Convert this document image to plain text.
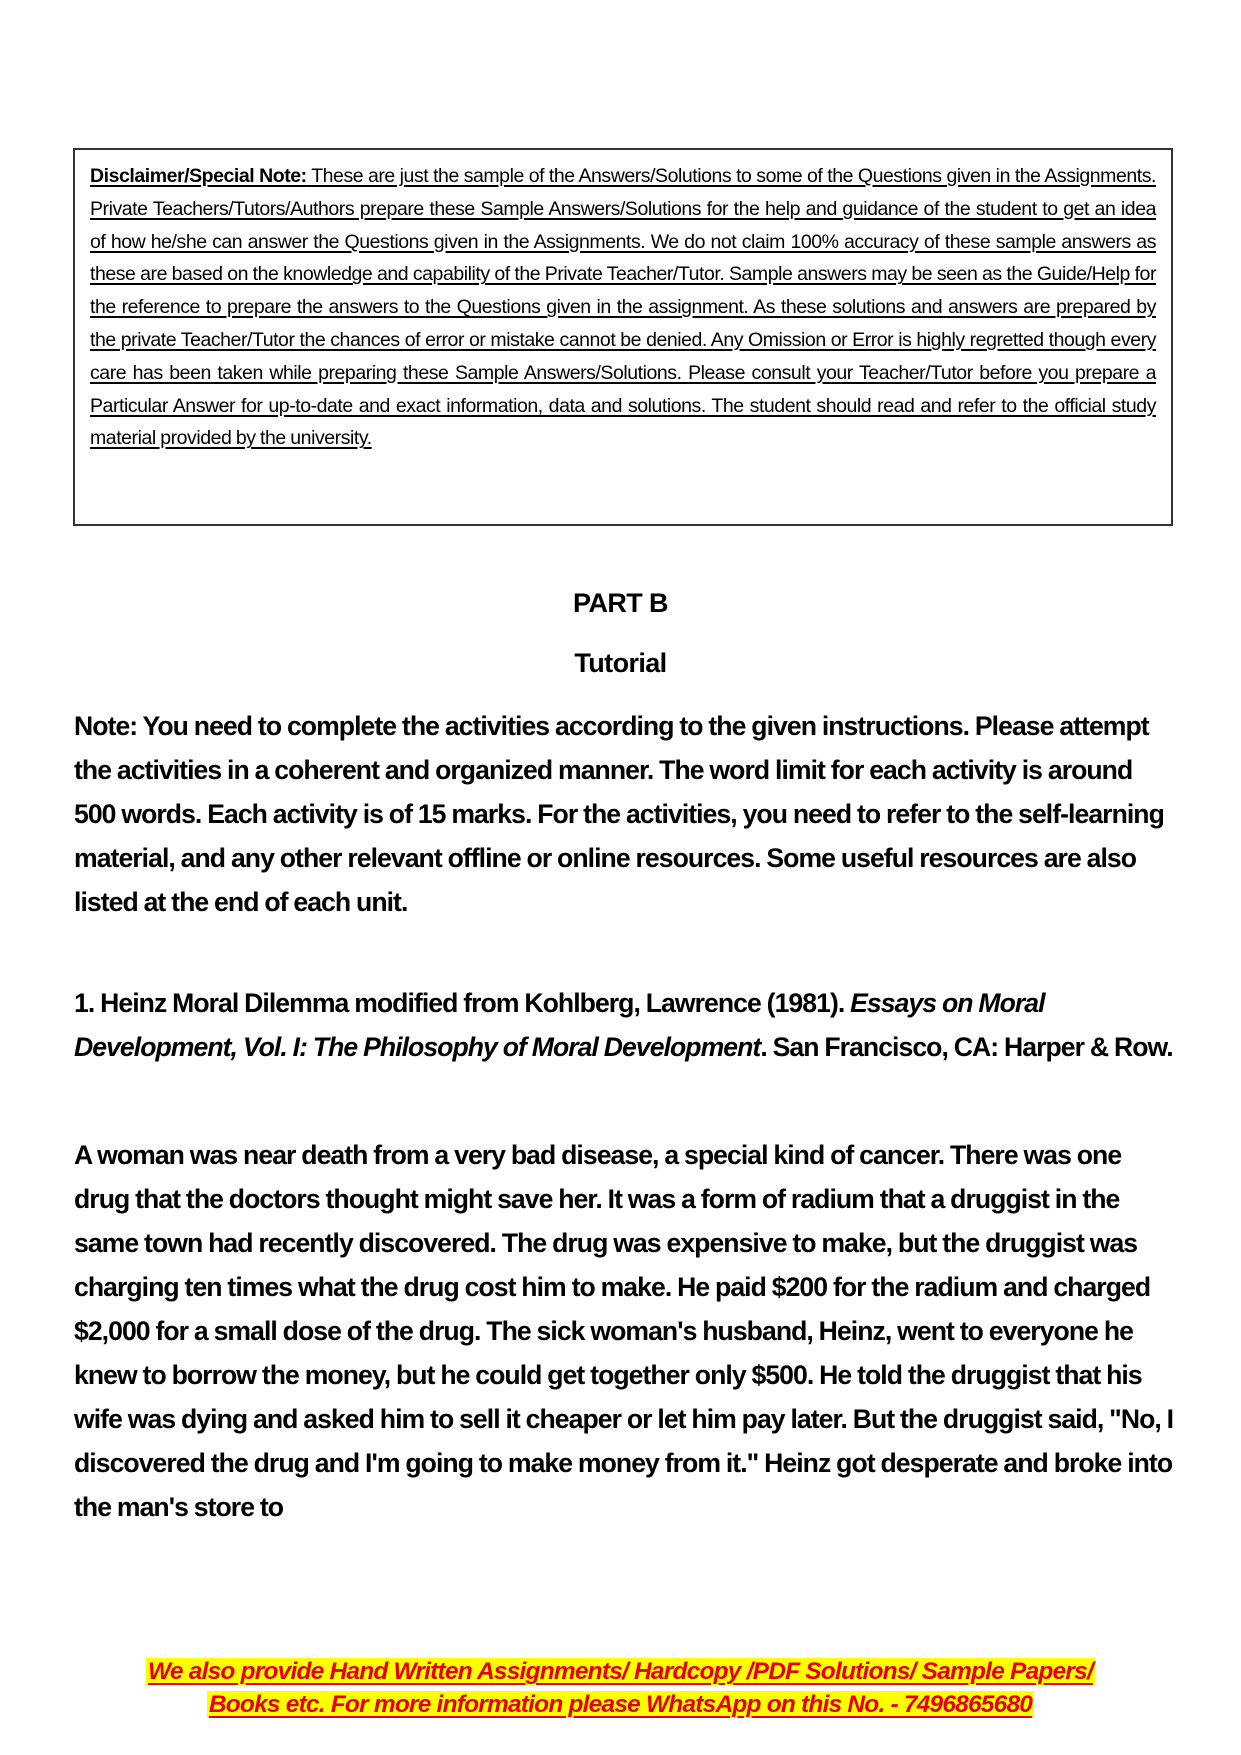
Disclaimer/Special Note: These are just the sample of the Answers/Solutions to some of the Questions given in the Assignments. Private Teachers/Tutors/Authors prepare these Sample Answers/Solutions for the help and guidance of the student to get an idea of how he/she can answer the Questions given in the Assignments. We do not claim 100% accuracy of these sample answers as these are based on the knowledge and capability of the Private Teacher/Tutor. Sample answers may be seen as the Guide/Help for the reference to prepare the answers to the Questions given in the assignment. As these solutions and answers are prepared by the private Teacher/Tutor the chances of error or mistake cannot be denied. Any Omission or Error is highly regretted though every care has been taken while preparing these Sample Answers/Solutions. Please consult your Teacher/Tutor before you prepare a Particular Answer for up-to-date and exact information, data and solutions. The student should read and refer to the official study material provided by the university.

PART B
Tutorial

Note: You need to complete the activities according to the given instructions. Please attempt the activities in a coherent and organized manner. The word limit for each activity is around 500 words. Each activity is of 15 marks. For the activities, you need to refer to the self-learning material, and any other relevant offline or online resources. Some useful resources are also listed at the end of each unit.

1. Heinz Moral Dilemma modified from Kohlberg, Lawrence (1981). Essays on Moral Development, Vol. I: The Philosophy of Moral Development. San Francisco, CA: Harper & Row.

A woman was near death from a very bad disease, a special kind of cancer. There was one drug that the doctors thought might save her. It was a form of radium that a druggist in the same town had recently discovered. The drug was expensive to make, but the druggist was charging ten times what the drug cost him to make. He paid $200 for the radium and charged $2,000 for a small dose of the drug. The sick woman's husband, Heinz, went to everyone he knew to borrow the money, but he could get together only $500. He told the druggist that his wife was dying and asked him to sell it cheaper or let him pay later. But the druggist said, "No, I discovered the drug and I'm going to make money from it." Heinz got desperate and broke into the man's store to

We also provide Hand Written Assignments/ Hardcopy /PDF Solutions/ Sample Papers/
Books etc. For more information please WhatsApp on this No. - 7496865680
